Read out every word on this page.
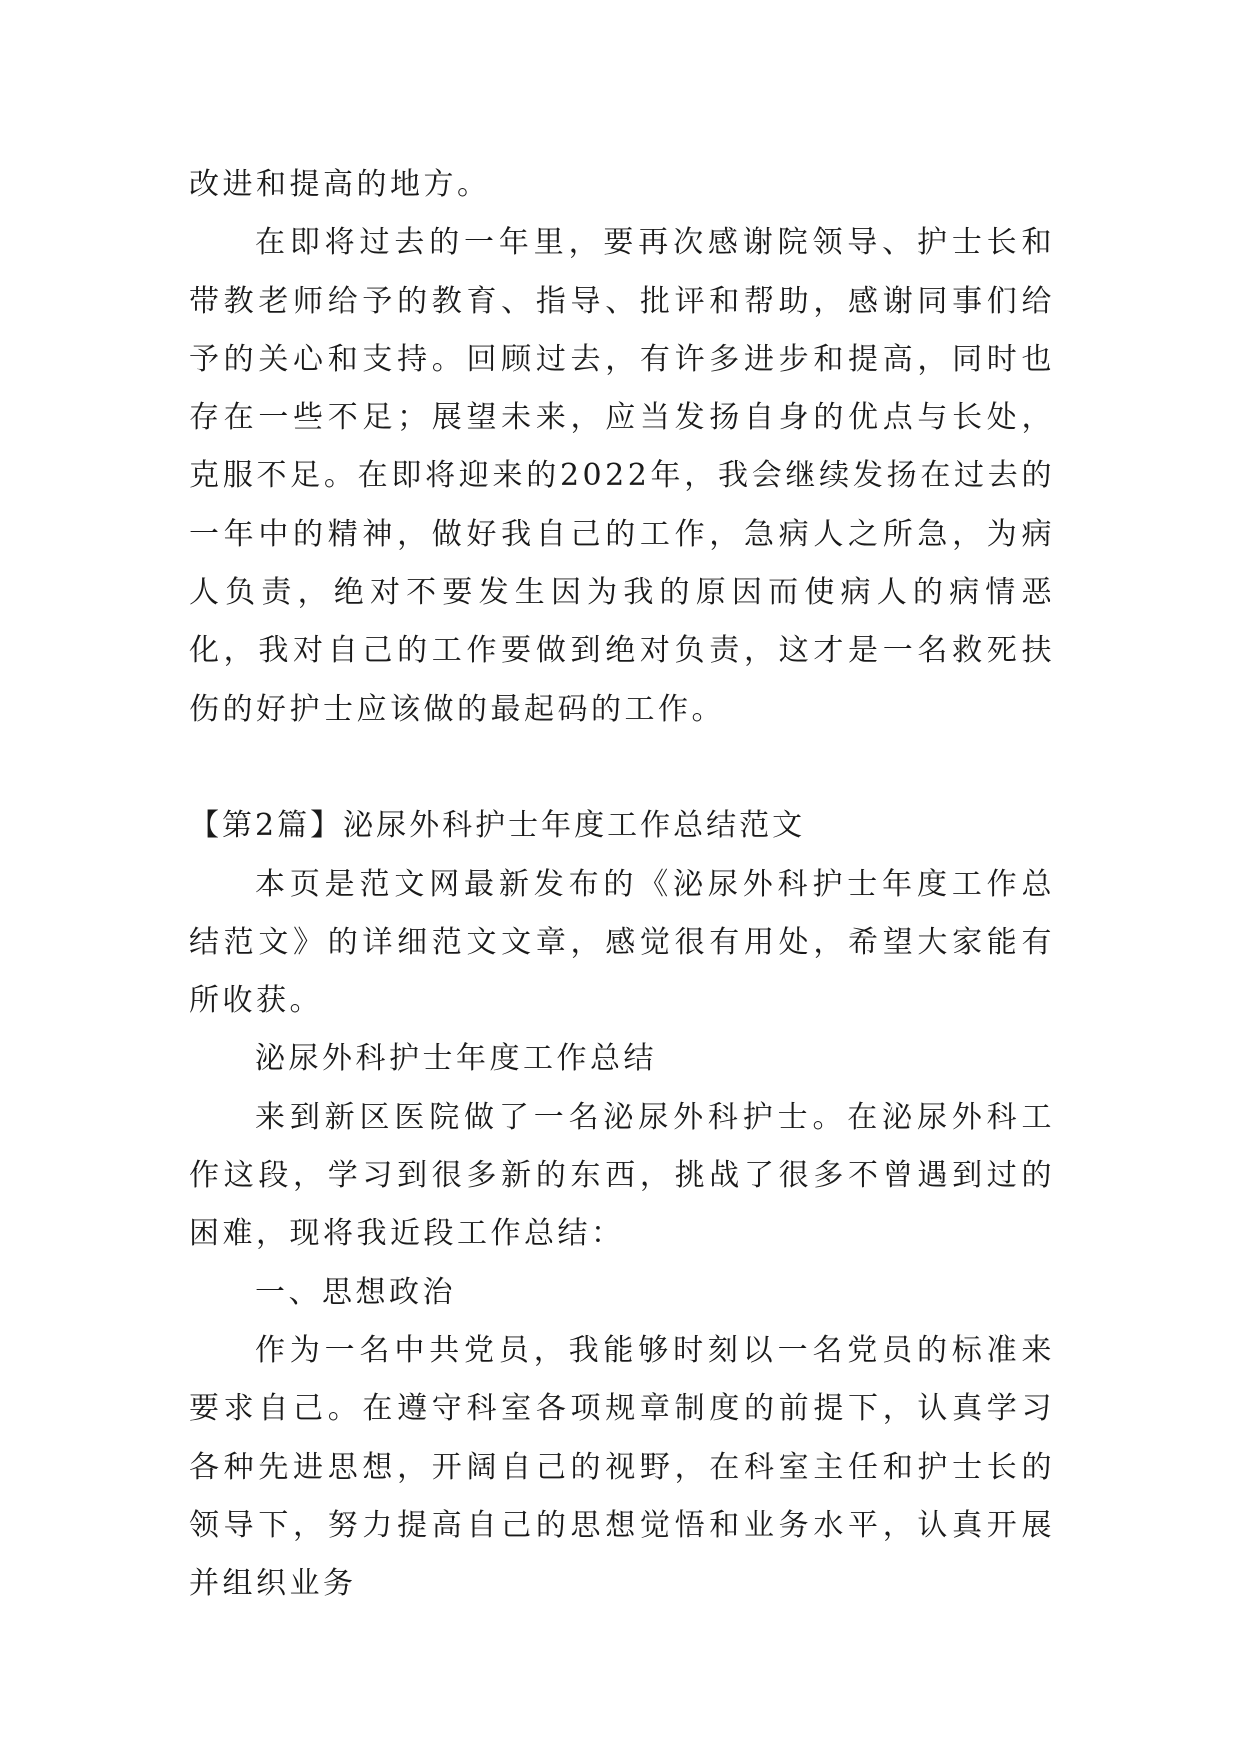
改进和提高的地方。

在即将过去的一年里，要再次感谢院领导、护士长和带教老师给予的教育、指导、批评和帮助，感谢同事们给予的关心和支持。回顾过去，有许多进步和提高，同时也存在一些不足；展望未来，应当发扬自身的优点与长处，克服不足。在即将迎来的2022年，我会继续发扬在过去的一年中的精神，做好我自己的工作，急病人之所急，为病人负责，绝对不要发生因为我的原因而使病人的病情恶化，我对自己的工作要做到绝对负责，这才是一名救死扶伤的好护士应该做的最起码的工作。

【第2篇】泌尿外科护士年度工作总结范文

本页是范文网最新发布的《泌尿外科护士年度工作总结范文》的详细范文文章，感觉很有用处，希望大家能有所收获。

泌尿外科护士年度工作总结

来到新区医院做了一名泌尿外科护士。在泌尿外科工作这段，学习到很多新的东西，挑战了很多不曾遇到过的困难，现将我近段工作总结：

一、思想政治

作为一名中共党员，我能够时刻以一名党员的标准来要求自己。在遵守科室各项规章制度的前提下，认真学习各种先进思想，开阔自己的视野，在科室主任和护士长的领导下，努力提高自己的思想觉悟和业务水平，认真开展并组织业务
